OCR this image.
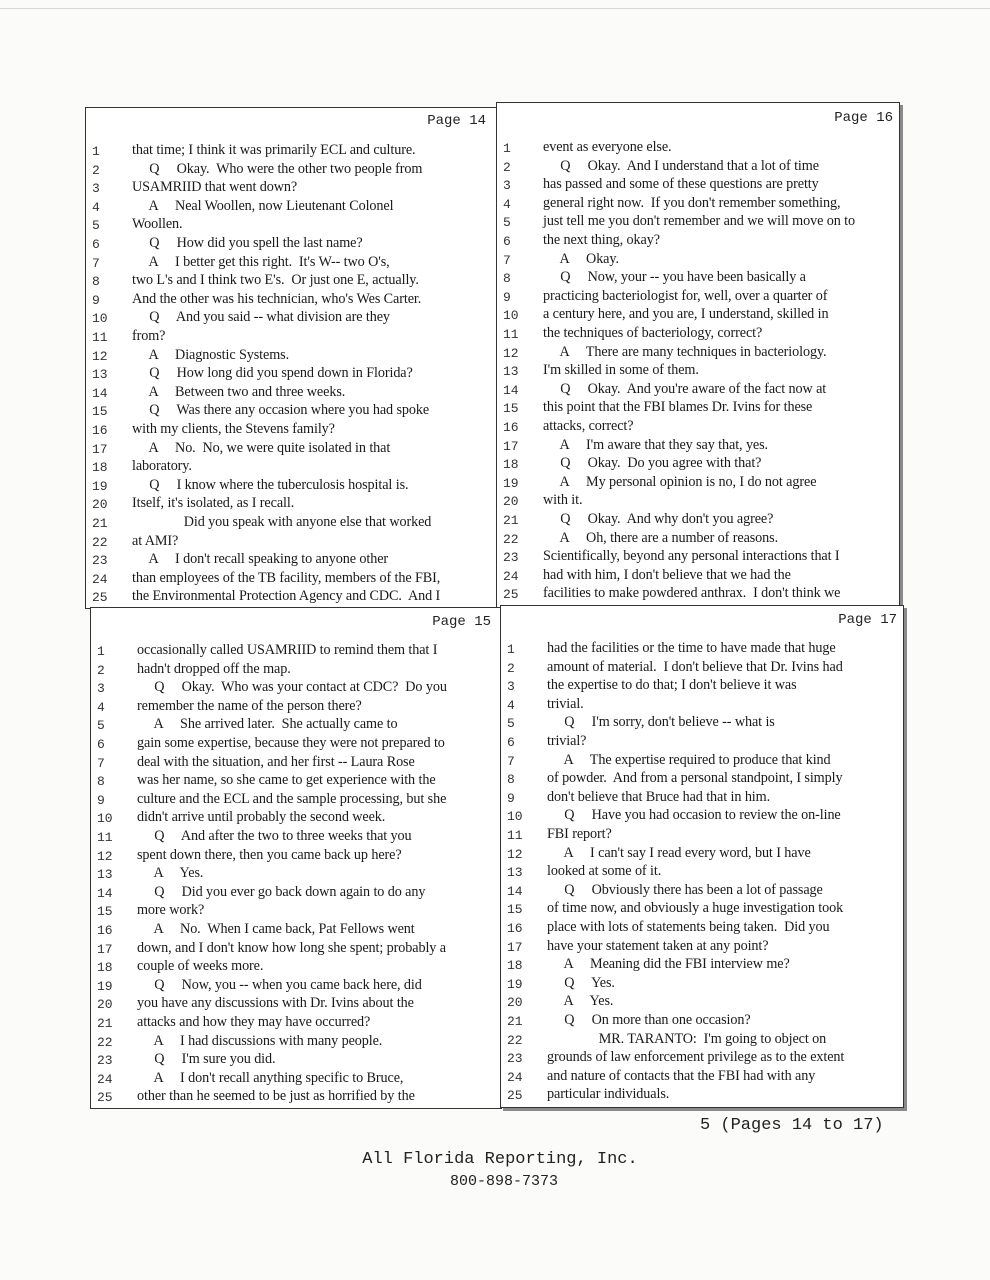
Page 14
1	that time; I think it was primarily ECL and culture.
2	Q     Okay.  Who were the other two people from
3	USAMRIID that went down?
4	A     Neal Woollen, now Lieutenant Colonel
5	Woollen.
6	Q     How did you spell the last name?
7	A     I better get this right.  It's W-- two O's,
8	two L's and I think two E's.  Or just one E, actually.
9	And the other was his technician, who's Wes Carter.
10	Q     And you said -- what division are they
11	from?
12	A     Diagnostic Systems.
13	Q     How long did you spend down in Florida?
14	A     Between two and three weeks.
15	Q     Was there any occasion where you had spoke
16	with my clients, the Stevens family?
17	A     No.  No, we were quite isolated in that
18	laboratory.
19	Q     I know where the tuberculosis hospital is.
20	Itself, it's isolated, as I recall.
21	Did you speak with anyone else that worked
22	at AMI?
23	A     I don't recall speaking to anyone other
24	than employees of the TB facility, members of the FBI,
25	the Environmental Protection Agency and CDC.  And I
Page 16
1	event as everyone else.
2	Q     Okay.  And I understand that a lot of time
3	has passed and some of these questions are pretty
4	general right now.  If you don't remember something,
5	just tell me you don't remember and we will move on to
6	the next thing, okay?
7	A     Okay.
8	Q     Now, your -- you have been basically a
9	practicing bacteriologist for, well, over a quarter of
10	a century here, and you are, I understand, skilled in
11	the techniques of bacteriology, correct?
12	A     There are many techniques in bacteriology.
13	I'm skilled in some of them.
14	Q     Okay.  And you're aware of the fact now at
15	this point that the FBI blames Dr. Ivins for these
16	attacks, correct?
17	A     I'm aware that they say that, yes.
18	Q     Okay.  Do you agree with that?
19	A     My personal opinion is no, I do not agree
20	with it.
21	Q     Okay.  And why don't you agree?
22	A     Oh, there are a number of reasons.
23	Scientifically, beyond any personal interactions that I
24	had with him, I don't believe that we had the
25	facilities to make powdered anthrax.  I don't think we
Page 15
1	occasionally called USAMRIID to remind them that I
2	hadn't dropped off the map.
3	Q     Okay.  Who was your contact at CDC?  Do you
4	remember the name of the person there?
5	A     She arrived later.  She actually came to
6	gain some expertise, because they were not prepared to
7	deal with the situation, and her first -- Laura Rose
8	was her name, so she came to get experience with the
9	culture and the ECL and the sample processing, but she
10	didn't arrive until probably the second week.
11	Q     And after the two to three weeks that you
12	spent down there, then you came back up here?
13	A     Yes.
14	Q     Did you ever go back down again to do any
15	more work?
16	A     No.  When I came back, Pat Fellows went
17	down, and I don't know how long she spent; probably a
18	couple of weeks more.
19	Q     Now, you -- when you came back here, did
20	you have any discussions with Dr. Ivins about the
21	attacks and how they may have occurred?
22	A     I had discussions with many people.
23	Q     I'm sure you did.
24	A     I don't recall anything specific to Bruce,
25	other than he seemed to be just as horrified by the
Page 17
1	had the facilities or the time to have made that huge
2	amount of material.  I don't believe that Dr. Ivins had
3	the expertise to do that; I don't believe it was
4	trivial.
5	Q     I'm sorry, don't believe -- what is
6	trivial?
7	A     The expertise required to produce that kind
8	of powder.  And from a personal standpoint, I simply
9	don't believe that Bruce had that in him.
10	Q     Have you had occasion to review the on-line
11	FBI report?
12	A     I can't say I read every word, but I have
13	looked at some of it.
14	Q     Obviously there has been a lot of passage
15	of time now, and obviously a huge investigation took
16	place with lots of statements being taken.  Did you
17	have your statement taken at any point?
18	A     Meaning did the FBI interview me?
19	Q     Yes.
20	A     Yes.
21	Q     On more than one occasion?
22	MR. TARANTO:  I'm going to object on
23	grounds of law enforcement privilege as to the extent
24	and nature of contacts that the FBI had with any
25	particular individuals.
5 (Pages 14 to 17)
All Florida Reporting, Inc.
800-898-7373
